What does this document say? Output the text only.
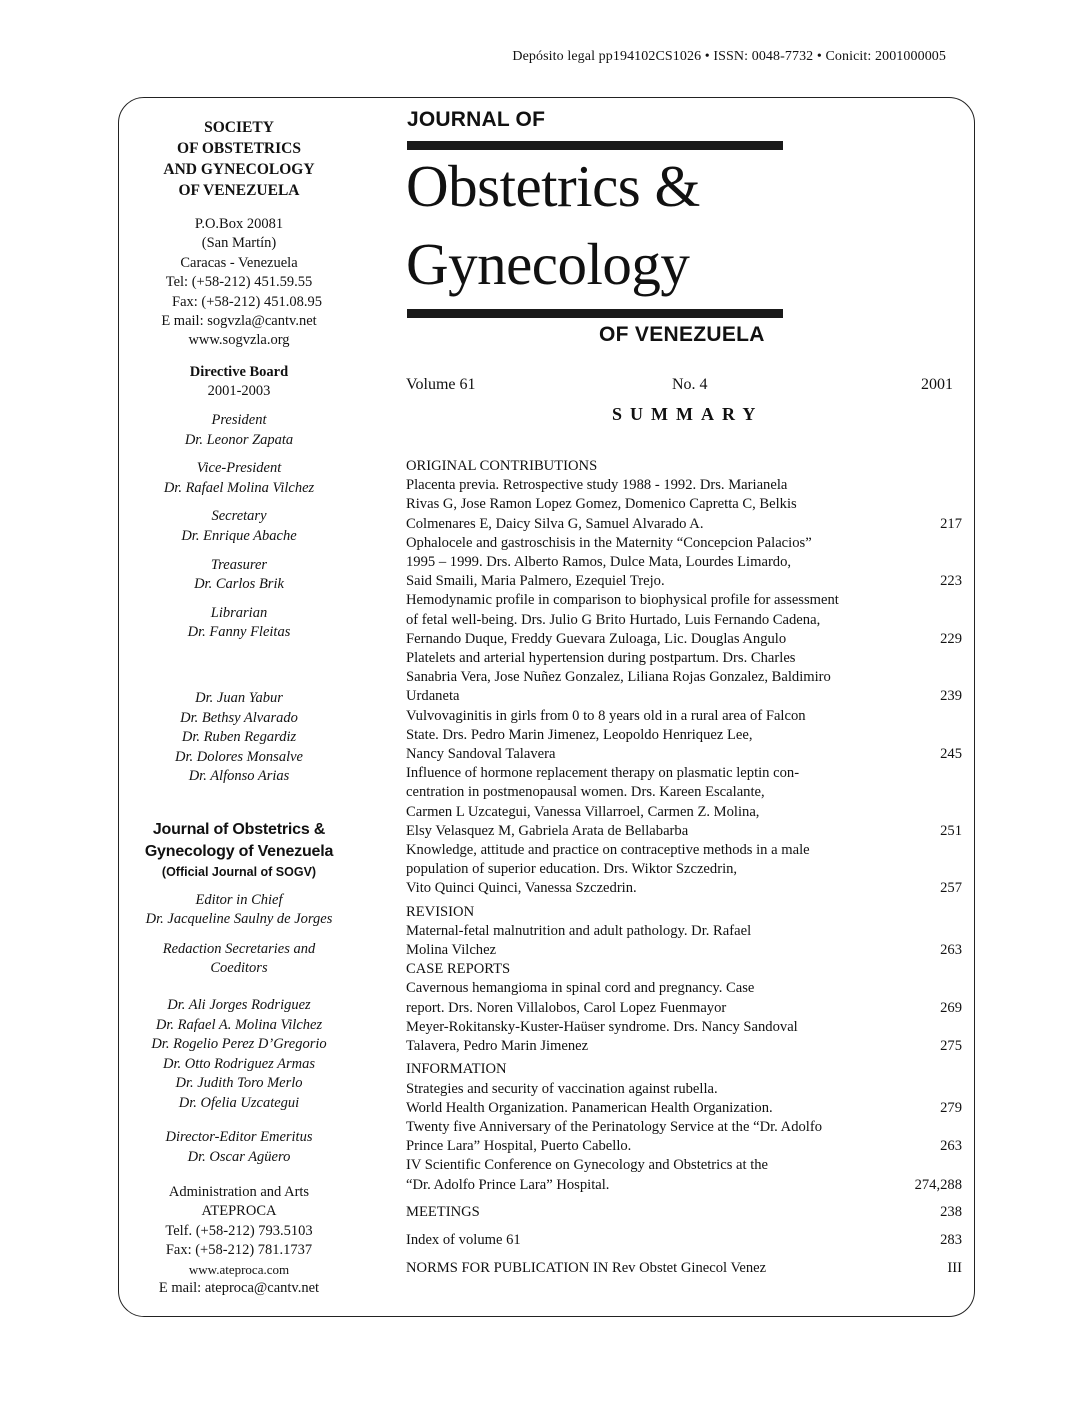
Depósito legal pp194102CS1026 • ISSN: 0048-7732 • Conicit: 2001000005
SOCIETY
OF OBSTETRICS
AND GYNECOLOGY
OF VENEZUELA
P.O.Box 20081
(San Martín)
Caracas - Venezuela
Tel: (+58-212) 451.59.55
Fax: (+58-212) 451.08.95
E mail: sogvzla@cantv.net
www.sogvzla.org
Directive Board
2001-2003
President
Dr. Leonor Zapata
Vice-President
Dr. Rafael Molina Vilchez
Secretary
Dr. Enrique Abache
Treasurer
Dr. Carlos Brik
Librarian
Dr. Fanny Fleitas
Dr. Juan Yabur
Dr. Bethsy Alvarado
Dr. Ruben Regardiz
Dr. Dolores Monsalve
Dr. Alfonso Arias
Journal of Obstetrics &
Gynecology of Venezuela
(Official Journal of SOGV)
Editor in Chief
Dr. Jacqueline Saulny de Jorges
Redaction Secretaries and
Coeditors
Dr. Ali Jorges Rodriguez
Dr. Rafael A. Molina Vilchez
Dr. Rogelio Perez D’Gregorio
Dr. Otto Rodriguez Armas
Dr. Judith Toro Merlo
Dr. Ofelia Uzcategui
Director-Editor Emeritus
Dr. Oscar Agüero
Administration and Arts
ATEPROCA
Telf. (+58-212) 793.5103
Fax: (+58-212) 781.1737
www.ateproca.com
E mail: ateproca@cantv.net
JOURNAL OF
Obstetrics &
Gynecology
OF VENEZUELA
Volume 61	No. 4	2001
SUMMARY
ORIGINAL CONTRIBUTIONS
Placenta previa. Retrospective study 1988 - 1992. Drs. Marianela
Rivas G, Jose Ramon Lopez Gomez, Domenico Capretta C, Belkis
Colmenares E, Daicy Silva G, Samuel Alvarado A.	217
Ophalocele and gastroschisis in the Maternity “Concepcion Palacios”
1995 – 1999. Drs. Alberto Ramos, Dulce Mata, Lourdes Limardo,
Said Smaili, Maria Palmero, Ezequiel Trejo.	223
Hemodynamic profile in comparison to biophysical profile for assessment
of fetal well-being. Drs. Julio G Brito Hurtado, Luis Fernando Cadena,
Fernando Duque, Freddy Guevara Zuloaga, Lic. Douglas Angulo	229
Platelets and arterial hypertension during postpartum. Drs. Charles
Sanabria Vera, Jose Nuñez Gonzalez, Liliana Rojas Gonzalez, Baldimiro
Urdaneta	239
Vulvovaginitis in girls from 0 to 8 years old in a rural area of Falcon
State. Drs. Pedro Marin Jimenez, Leopoldo Henriquez Lee,
Nancy Sandoval Talavera	245
Influence of hormone replacement therapy on plasmatic leptin con-
centration in postmenopausal women. Drs. Kareen Escalante,
Carmen L Uzcategui, Vanessa Villarroel, Carmen Z. Molina,
Elsy Velasquez M, Gabriela Arata de Bellabarba	251
Knowledge, attitude and practice on contraceptive methods in a male
population of superior education. Drs. Wiktor Szczedrin,
Vito Quinci Quinci, Vanessa Szczedrin.	257
REVISION
Maternal-fetal malnutrition and adult pathology. Dr. Rafael
Molina Vilchez	263
CASE REPORTS
Cavernous hemangioma in spinal cord and pregnancy. Case
report. Drs. Noren Villalobos, Carol Lopez Fuenmayor	269
Meyer-Rokitansky-Kuster-Haüser syndrome. Drs. Nancy Sandoval
Talavera, Pedro Marin Jimenez	275
INFORMATION
Strategies and security of vaccination against rubella.
World Health Organization. Panamerican Health Organization.	279
Twenty five Anniversary of the Perinatology Service at the “Dr. Adolfo
Prince Lara” Hospital, Puerto Cabello.	263
IV Scientific Conference on Gynecology and Obstetrics at the
“Dr. Adolfo Prince Lara” Hospital.	274,288
MEETINGS	238
Index of volume 61	283
NORMS FOR PUBLICATION IN Rev Obstet Ginecol Venez	III
